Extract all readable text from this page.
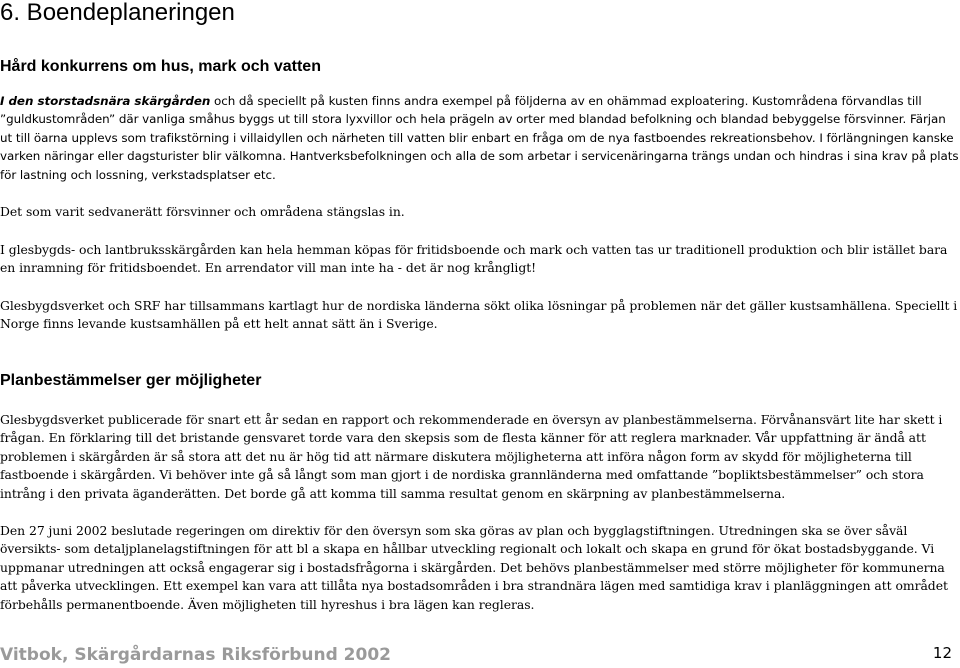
6. Boendeplaneringen
Hård konkurrens om hus, mark och vatten

I den storstadsnära skärgården och då speciellt på kusten finns andra exempel på följderna av en ohämmad exploatering. Kustområdena förvandlas till ”guldkustområden” där vanliga småhus byggs ut till stora lyxvillor och hela prägeln av orter med blandad befolkning och blandad bebyggelse försvinner. Färjan ut till öarna upplevs som trafikstörning i villaidyllen och närheten till vatten blir enbart en fråga om de nya fastboendes rekreationsbehov. I förlängningen kanske varken näringar eller dagsturister blir välkomna. Hantverksbefolkningen och alla de som arbetar i servicenäringarna trängs undan och hindras i sina krav på plats för lastning och lossning, verkstadsplatser etc.

Det som varit sedvanerätt försvinner och områdena stängslas in.

I glesbygds- och lantbruksskärgården kan hela hemman köpas för fritidsboende och mark och vatten tas ur traditionell produktion och blir istället bara en inramning för fritidsboendet. En arrendator vill man inte ha - det är nog krångligt!

Glesbygdsverket och SRF har tillsammans kartlagt hur de nordiska länderna sökt olika lösningar på problemen när det gäller kustsamhällena. Speciellt i Norge finns levande kustsamhällen på ett helt annat sätt än i Sverige.

Planbestämmelser ger möjligheter

Glesbygdsverket publicerade för snart ett år sedan en rapport och rekommenderade en översyn av planbestämmelserna. Förvånansvärt lite har skett i frågan. En förklaring till det bristande gensvaret torde vara den skepsis som de flesta känner för att reglera marknader. Vår uppfattning är ändå att problemen i skärgården är så stora att det nu är hög tid att närmare diskutera möjligheterna att införa någon form av skydd för möjligheterna till fastboende i skärgården. Vi behöver inte gå så långt som man gjort i de nordiska grannländerna med omfattande ”bopliktsbestämmelser” och stora intrång i den privata äganderätten. Det borde gå att komma till samma resultat genom en skärpning av planbestämmelserna.

Den 27 juni 2002 beslutade regeringen om direktiv för den översyn som ska göras av plan och bygglagstiftningen. Utredningen ska se över såväl översikts- som detaljplanelagstiftningen för att bl a skapa en hållbar utveckling regionalt och lokalt och skapa en grund för ökat bostadsbyggande. Vi uppmanar utredningen att också engagerar sig i bostadsfrågorna i skärgården. Det behövs planbestämmelser med större möjligheter för kommunerna att påverka utvecklingen. Ett exempel kan vara att tillåta nya bostadsområden i bra strandnära lägen med samtidiga krav i planläggningen att området förbehålls permanentboende. Även möjligheten till hyreshus i bra lägen kan regleras.

Vitbok, Skärgårdarnas Riksförbund 2002	12
